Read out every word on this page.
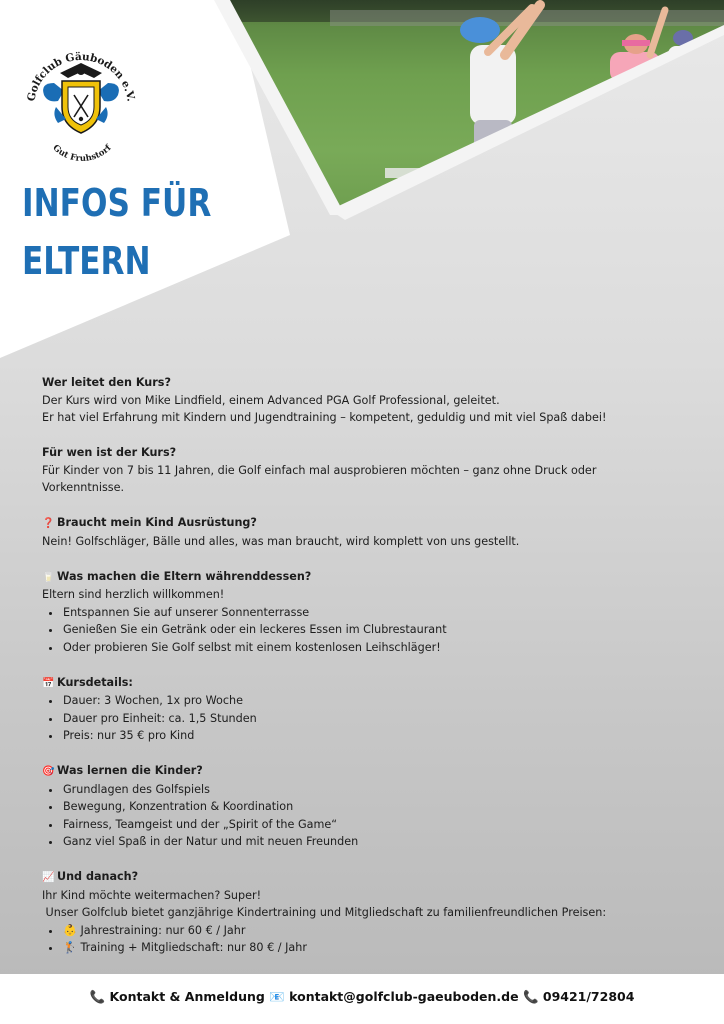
Golfclub Gäuboden e.V.
Gut Fruhstorf
INFOS FÜR
ELTERN
Wer leitet den Kurs?
Der Kurs wird von Mike Lindfield, einem Advanced PGA Golf Professional, geleitet.
Er hat viel Erfahrung mit Kindern und Jugendtraining – kompetent, geduldig und mit viel Spaß dabei!
Für wen ist der Kurs?
Für Kinder von 7 bis 11 Jahren, die Golf einfach mal ausprobieren möchten – ganz ohne Druck oder Vorkenntnisse.
❓ Braucht mein Kind Ausrüstung?
Nein! Golfschläger, Bälle und alles, was man braucht, wird komplett von uns gestellt.
🥛 Was machen die Eltern währenddessen?
Eltern sind herzlich willkommen!
• Entspannen Sie auf unserer Sonnenterrasse
• Genießen Sie ein Getränk oder ein leckeres Essen im Clubrestaurant
• Oder probieren Sie Golf selbst mit einem kostenlosen Leihschläger!
📅 Kursdetails:
• Dauer: 3 Wochen, 1x pro Woche
• Dauer pro Einheit: ca. 1,5 Stunden
• Preis: nur 35 € pro Kind
🎯 Was lernen die Kinder?
• Grundlagen des Golfspiels
• Bewegung, Konzentration & Koordination
• Fairness, Teamgeist und der „Spirit of the Game“
• Ganz viel Spaß in der Natur und mit neuen Freunden
📈 Und danach?
Ihr Kind möchte weitermachen? Super!
Unser Golfclub bietet ganzjährige Kindertraining und Mitgliedschaft zu familienfreundlichen Preisen:
• 👶 Jahrestraining: nur 60 € / Jahr
• 🏌 Training + Mitgliedschaft: nur 80 € / Jahr
📞 Kontakt & Anmeldung 📧 kontakt@golfclub-gaeuboden.de 📞 09421/72804
